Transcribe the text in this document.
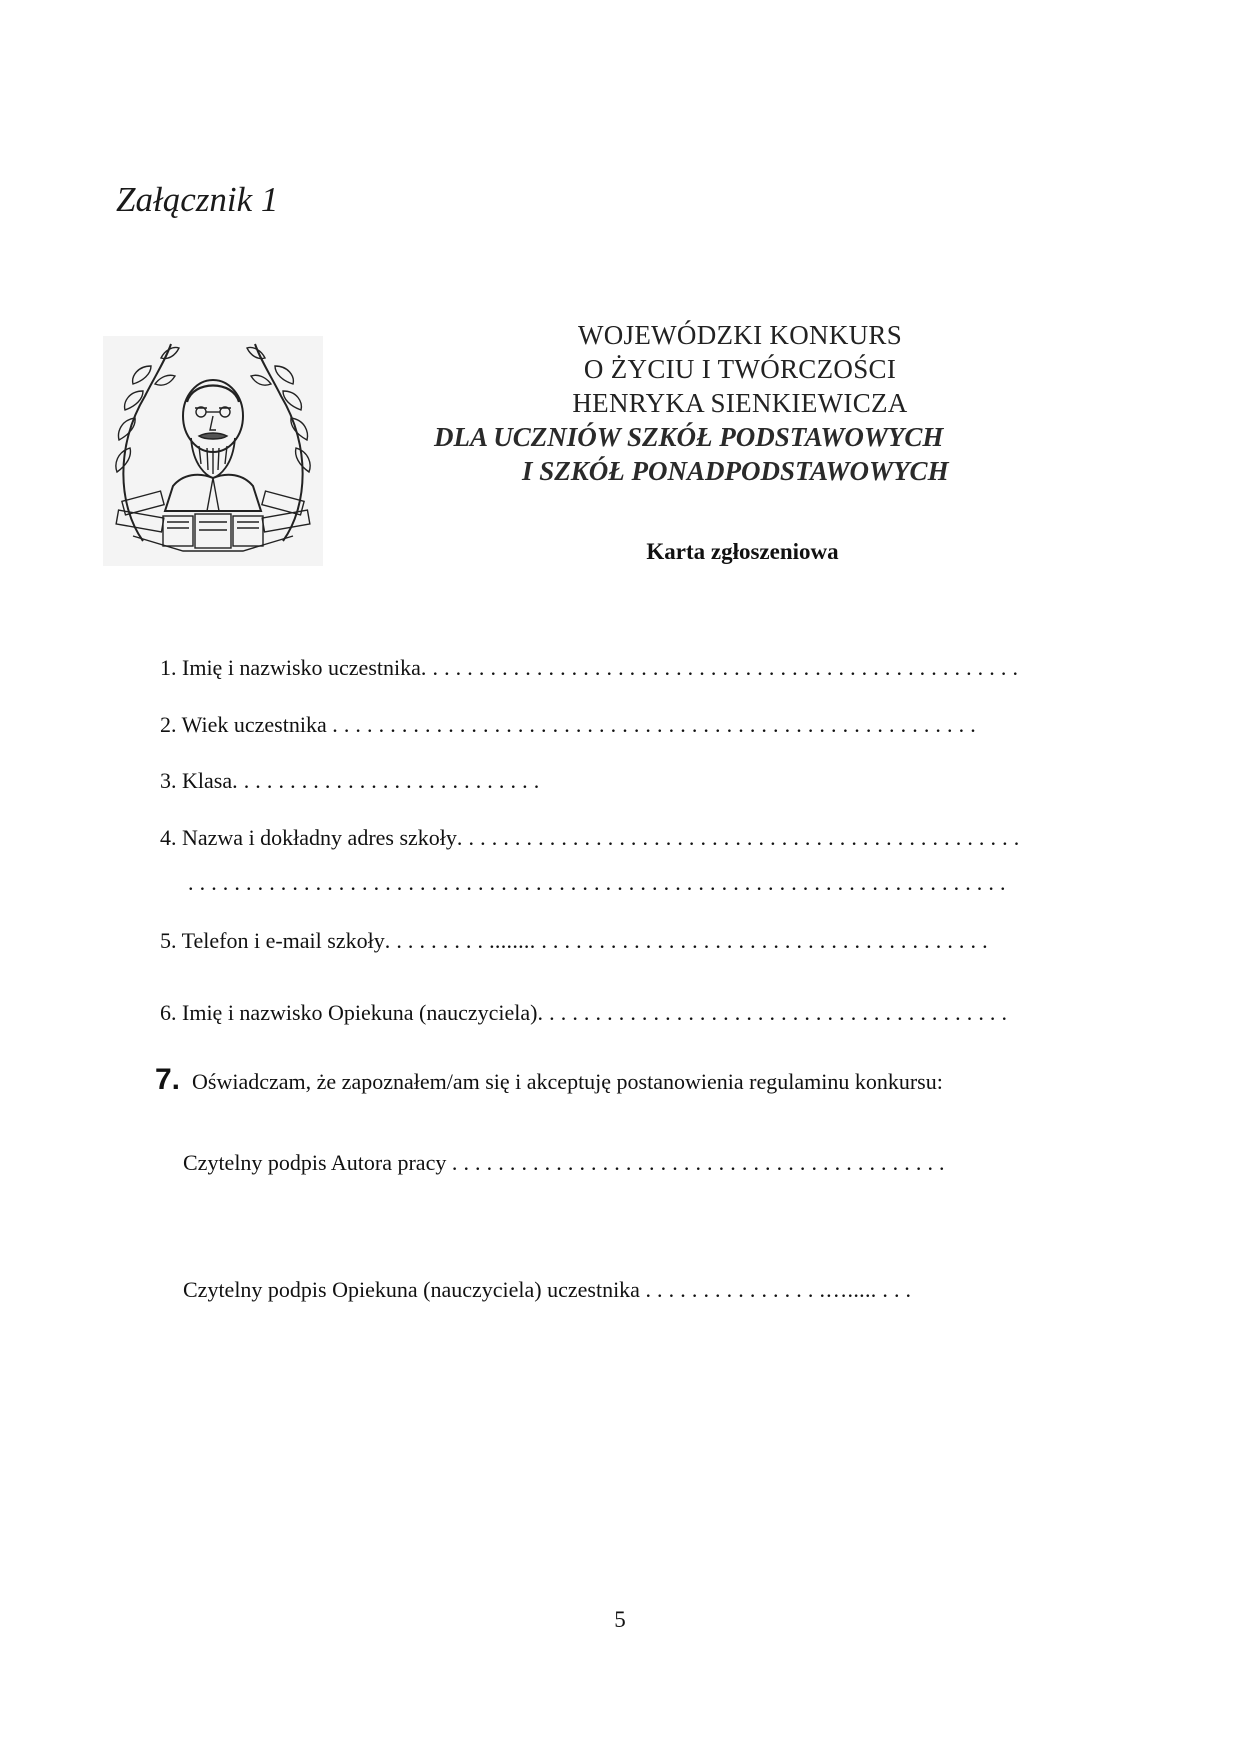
Załącznik 1
WOJEWÓDZKI KONKURS
O ŻYCIU I TWÓRCZOŚCI
HENRYKA SIENKIEWICZA
DLA UCZNIÓW SZKÓŁ PODSTAWOWYCH
I SZKÓŁ PONADPODSTAWOWYCH
Karta zgłoszeniowa
1. Imię i nazwisko uczestnika. . . . . . . . . . . . . . . . . . . . . . . . . . . . . . . . . . . . . . . . . . . . . . . . . . . .
2. Wiek uczestnika . . . . . . . . . . . . . . . . . . . . . . . . . . . . . . . . . . . . . . . . . . . . . . . . . . . . . . . .
3. Klasa. . . . . . . . . . . . . . . . . . . . . . . . . . .
4. Nazwa i dokładny adres szkoły. . . . . . . . . . . . . . . . . . . . . . . . . . . . . . . . . . . . . . . . . . . . . . . . .
. . . . . . . . . . . . . . . . . . . . . . . . . . . . . . . . . . . . . . . . . . . . . . . . . . . . . . . . . . . . . . . . . . . . . . .
5. Telefon i e-mail szkoły. . . . . . . . . ........ . . . . . . . . . . . . . . . . . . . . . . . . . . . . . . . . . . . . . . .
6. Imię i nazwisko Opiekuna (nauczyciela). . . . . . . . . . . . . . . . . . . . . . . . . . . . . . . . . . . . . . . . .
7. Oświadczam, że zapoznałem/am się i akceptuję postanowienia regulaminu konkursu:
Czytelny podpis Autora pracy . . . . . . . . . . . . . . . . . . . . . . . . . . . . . . . . . . . . . . . . . . .
Czytelny podpis Opiekuna (nauczyciela) uczestnika . . . . . . . . . . . . . . . .…..... . . .
5
